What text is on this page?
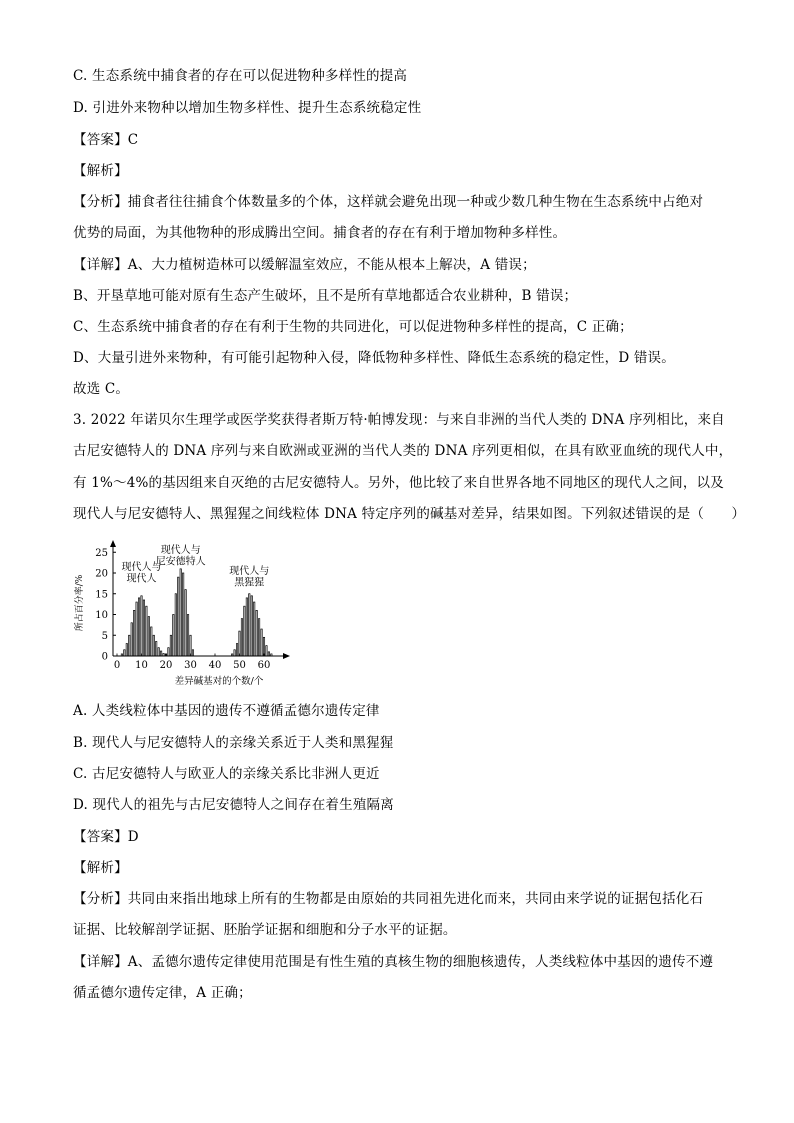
C. 生态系统中捕食者的存在可以促进物种多样性的提高
D. 引进外来物种以增加生物多样性、提升生态系统稳定性
【答案】C
【解析】
【分析】捕食者往往捕食个体数量多的个体，这样就会避免出现一种或少数几种生物在生态系统中占绝对
优势的局面，为其他物种的形成腾出空间。捕食者的存在有利于增加物种多样性。
【详解】A、大力植树造林可以缓解温室效应，不能从根本上解决，A 错误；
B、开垦草地可能对原有生态产生破坏，且不是所有草地都适合农业耕种，B 错误；
C、生态系统中捕食者的存在有利于生物的共同进化，可以促进物种多样性的提高，C 正确；
D、大量引进外来物种，有可能引起物种入侵，降低物种多样性、降低生态系统的稳定性，D 错误。
故选 C。
3. 2022 年诺贝尔生理学或医学奖获得者斯万特·帕博发现：与来自非洲的当代人类的 DNA 序列相比，来自
古尼安德特人的 DNA 序列与来自欧洲或亚洲的当代人类的 DNA 序列更相似，在具有欧亚血统的现代人中，
有 1%～4%的基因组来自灭绝的古尼安德特人。另外，他比较了来自世界各地不同地区的现代人之间，以及
现代人与尼安德特人、黑猩猩之间线粒体 DNA 特定序列的碱基对差异，结果如图。下列叙述错误的是（　　）
0
5
10
15
20
25
0 10 20 30 40 50 60
现代人与
现代人
现代人与
尼安德特人
现代人与
黑猩猩
所占百分率/%
差异碱基对的个数/个
A. 人类线粒体中基因的遗传不遵循孟德尔遗传定律
B. 现代人与尼安德特人的亲缘关系近于人类和黑猩猩
C. 古尼安德特人与欧亚人的亲缘关系比非洲人更近
D. 现代人的祖先与古尼安德特人之间存在着生殖隔离
【答案】D
【解析】
【分析】共同由来指出地球上所有的生物都是由原始的共同祖先进化而来，共同由来学说的证据包括化石
证据、比较解剖学证据、胚胎学证据和细胞和分子水平的证据。
【详解】A、孟德尔遗传定律使用范围是有性生殖的真核生物的细胞核遗传，人类线粒体中基因的遗传不遵
循孟德尔遗传定律，A 正确；
